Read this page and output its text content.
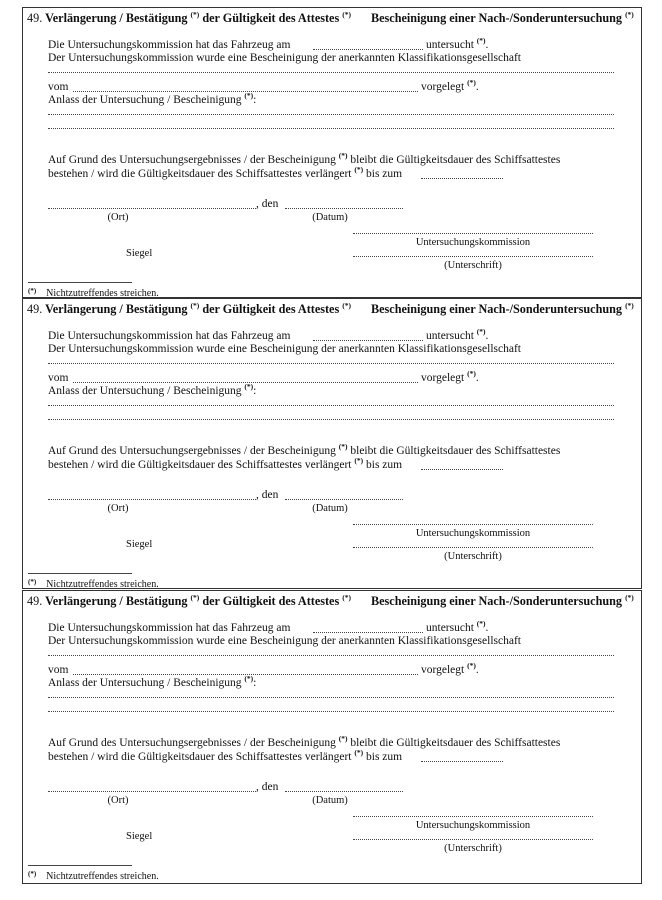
49. Verlängerung / Bestätigung (*) der Gültigkeit des Attestes (*) Bescheinigung einer Nach-/Sonderuntersuchung (*)
Die Untersuchungskommission hat das Fahrzeug am	untersucht (*).
Der Untersuchungskommission wurde eine Bescheinigung der anerkannten Klassifikationsgesellschaft
vom	vorgelegt (*).
Anlass der Untersuchung / Bescheinigung (*):
Auf Grund des Untersuchungsergebnisses / der Bescheinigung (*) bleibt die Gültigkeitsdauer des Schiffsattestes
bestehen / wird die Gültigkeitsdauer des Schiffsattestes verlängert (*) bis zum
, den
(Ort)	(Datum)
Untersuchungskommission
Siegel
(Unterschrift)
(*) Nichtzutreffendes streichen.
49. Verlängerung / Bestätigung (*) der Gültigkeit des Attestes (*) Bescheinigung einer Nach-/Sonderuntersuchung (*)
Die Untersuchungskommission hat das Fahrzeug am	untersucht (*).
Der Untersuchungskommission wurde eine Bescheinigung der anerkannten Klassifikationsgesellschaft
vom	vorgelegt (*).
Anlass der Untersuchung / Bescheinigung (*):
Auf Grund des Untersuchungsergebnisses / der Bescheinigung (*) bleibt die Gültigkeitsdauer des Schiffsattestes
bestehen / wird die Gültigkeitsdauer des Schiffsattestes verlängert (*) bis zum
, den
(Ort)	(Datum)
Untersuchungskommission
Siegel
(Unterschrift)
(*) Nichtzutreffendes streichen.
49. Verlängerung / Bestätigung (*) der Gültigkeit des Attestes (*) Bescheinigung einer Nach-/Sonderuntersuchung (*)
Die Untersuchungskommission hat das Fahrzeug am	untersucht (*).
Der Untersuchungskommission wurde eine Bescheinigung der anerkannten Klassifikationsgesellschaft
vom	vorgelegt (*).
Anlass der Untersuchung / Bescheinigung (*):
Auf Grund des Untersuchungsergebnisses / der Bescheinigung (*) bleibt die Gültigkeitsdauer des Schiffsattestes
bestehen / wird die Gültigkeitsdauer des Schiffsattestes verlängert (*) bis zum
, den
(Ort)	(Datum)
Untersuchungskommission
Siegel
(Unterschrift)
(*) Nichtzutreffendes streichen.
